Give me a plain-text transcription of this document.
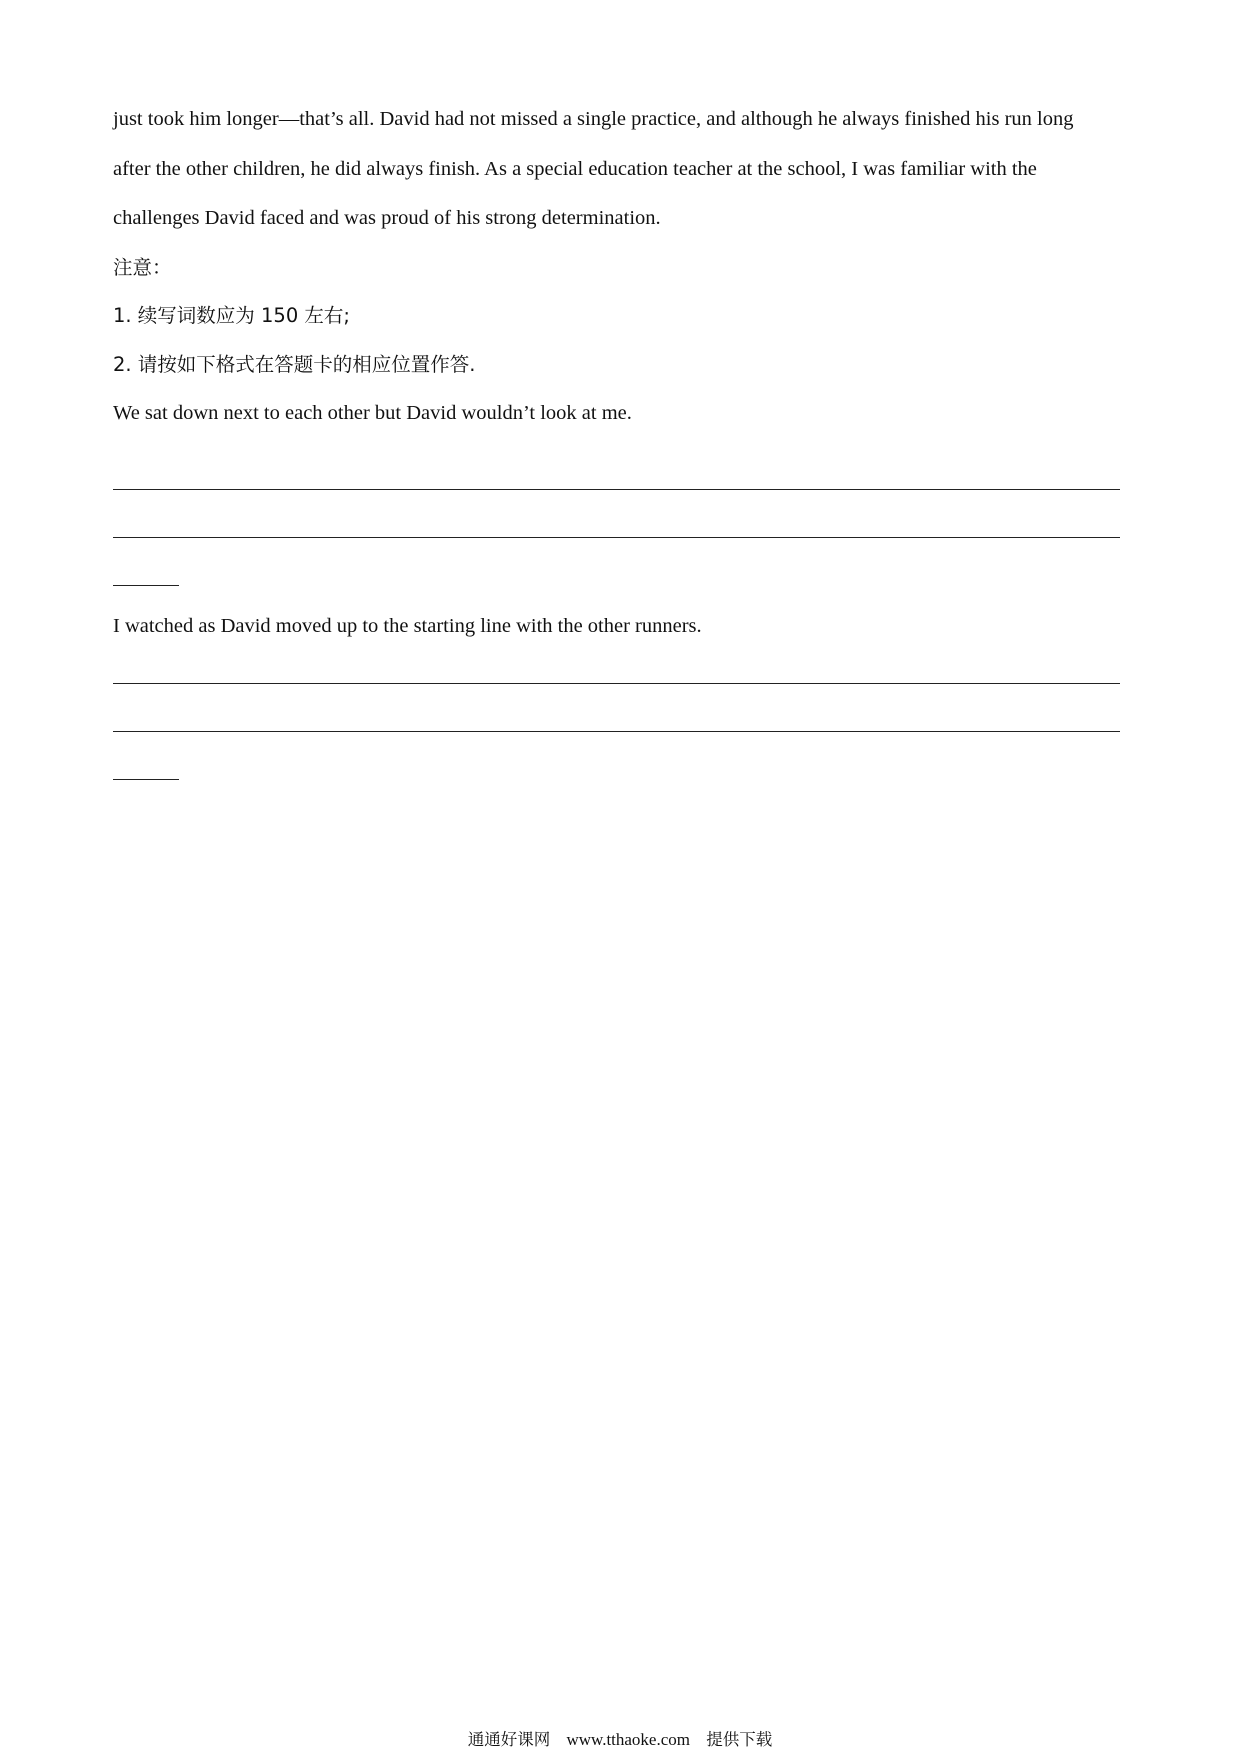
just took him longer—that’s all. David had not missed a single practice, and although he always finished his run long
after the other children, he did always finish. As a special education teacher at the school, I was familiar with the
challenges David faced and was proud of his strong determination.
注意：
1. 续写词数应为 150 左右;
2. 请按如下格式在答题卡的相应位置作答.
We sat down next to each other but David wouldn’t look at me.
I watched as David moved up to the starting line with the other runners.
通通好课网 www.tthaoke.com 提供下载
